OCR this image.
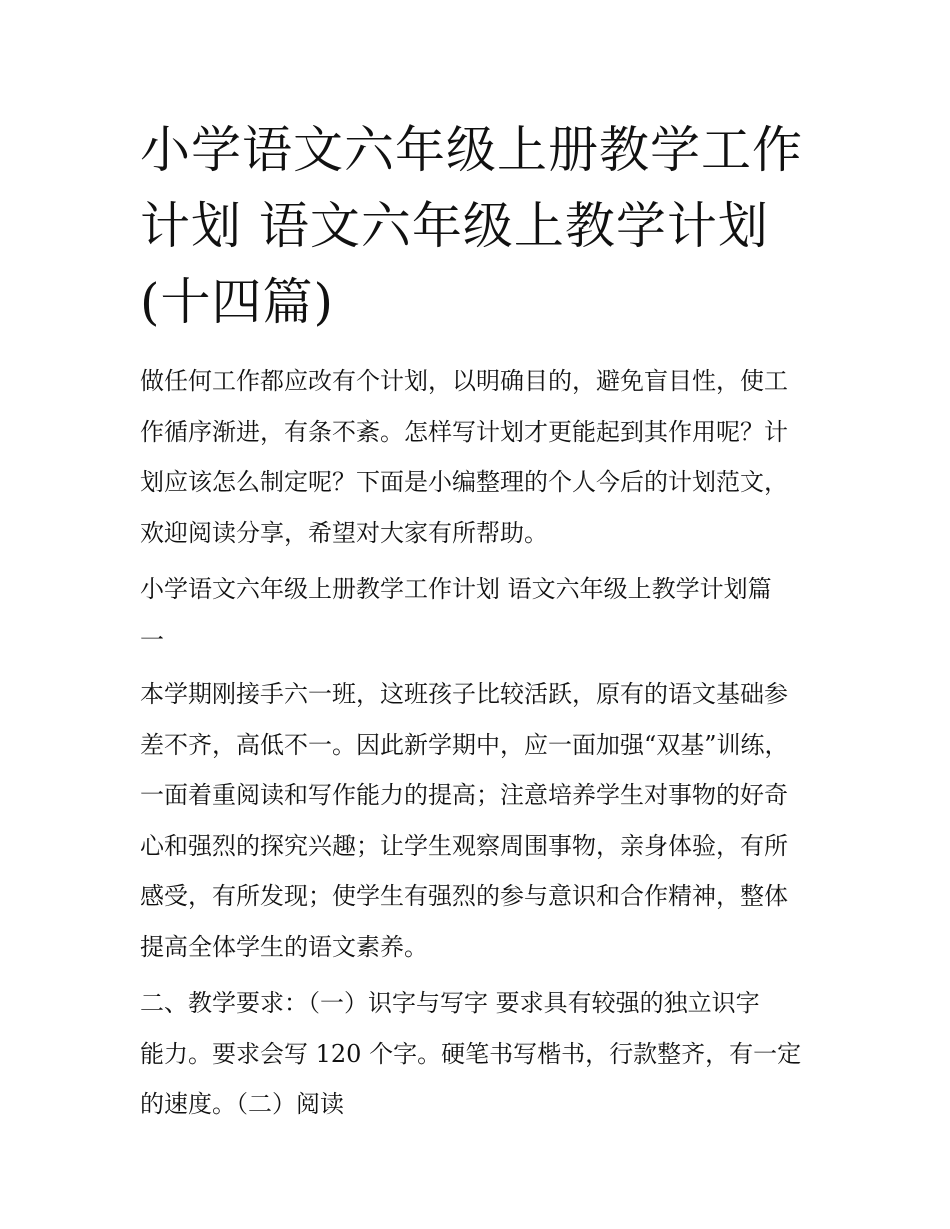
小学语文六年级上册教学工作
计划 语文六年级上教学计划
(十四篇)

做任何工作都应改有个计划，以明确目的，避免盲目性，使工
作循序渐进，有条不紊。怎样写计划才更能起到其作用呢？计
划应该怎么制定呢？下面是小编整理的个人今后的计划范文，
欢迎阅读分享，希望对大家有所帮助。

小学语文六年级上册教学工作计划 语文六年级上教学计划篇
一

本学期刚接手六一班，这班孩子比较活跃，原有的语文基础参
差不齐，高低不一。因此新学期中，应一面加强“双基”训练，
一面着重阅读和写作能力的提高；注意培养学生对事物的好奇
心和强烈的探究兴趣；让学生观察周围事物，亲身体验，有所
感受，有所发现；使学生有强烈的参与意识和合作精神，整体
提高全体学生的语文素养。

二、教学要求：（一）识字与写字 要求具有较强的独立识字
能力。要求会写 120 个字。硬笔书写楷书，行款整齐，有一定
的速度。（二）阅读
